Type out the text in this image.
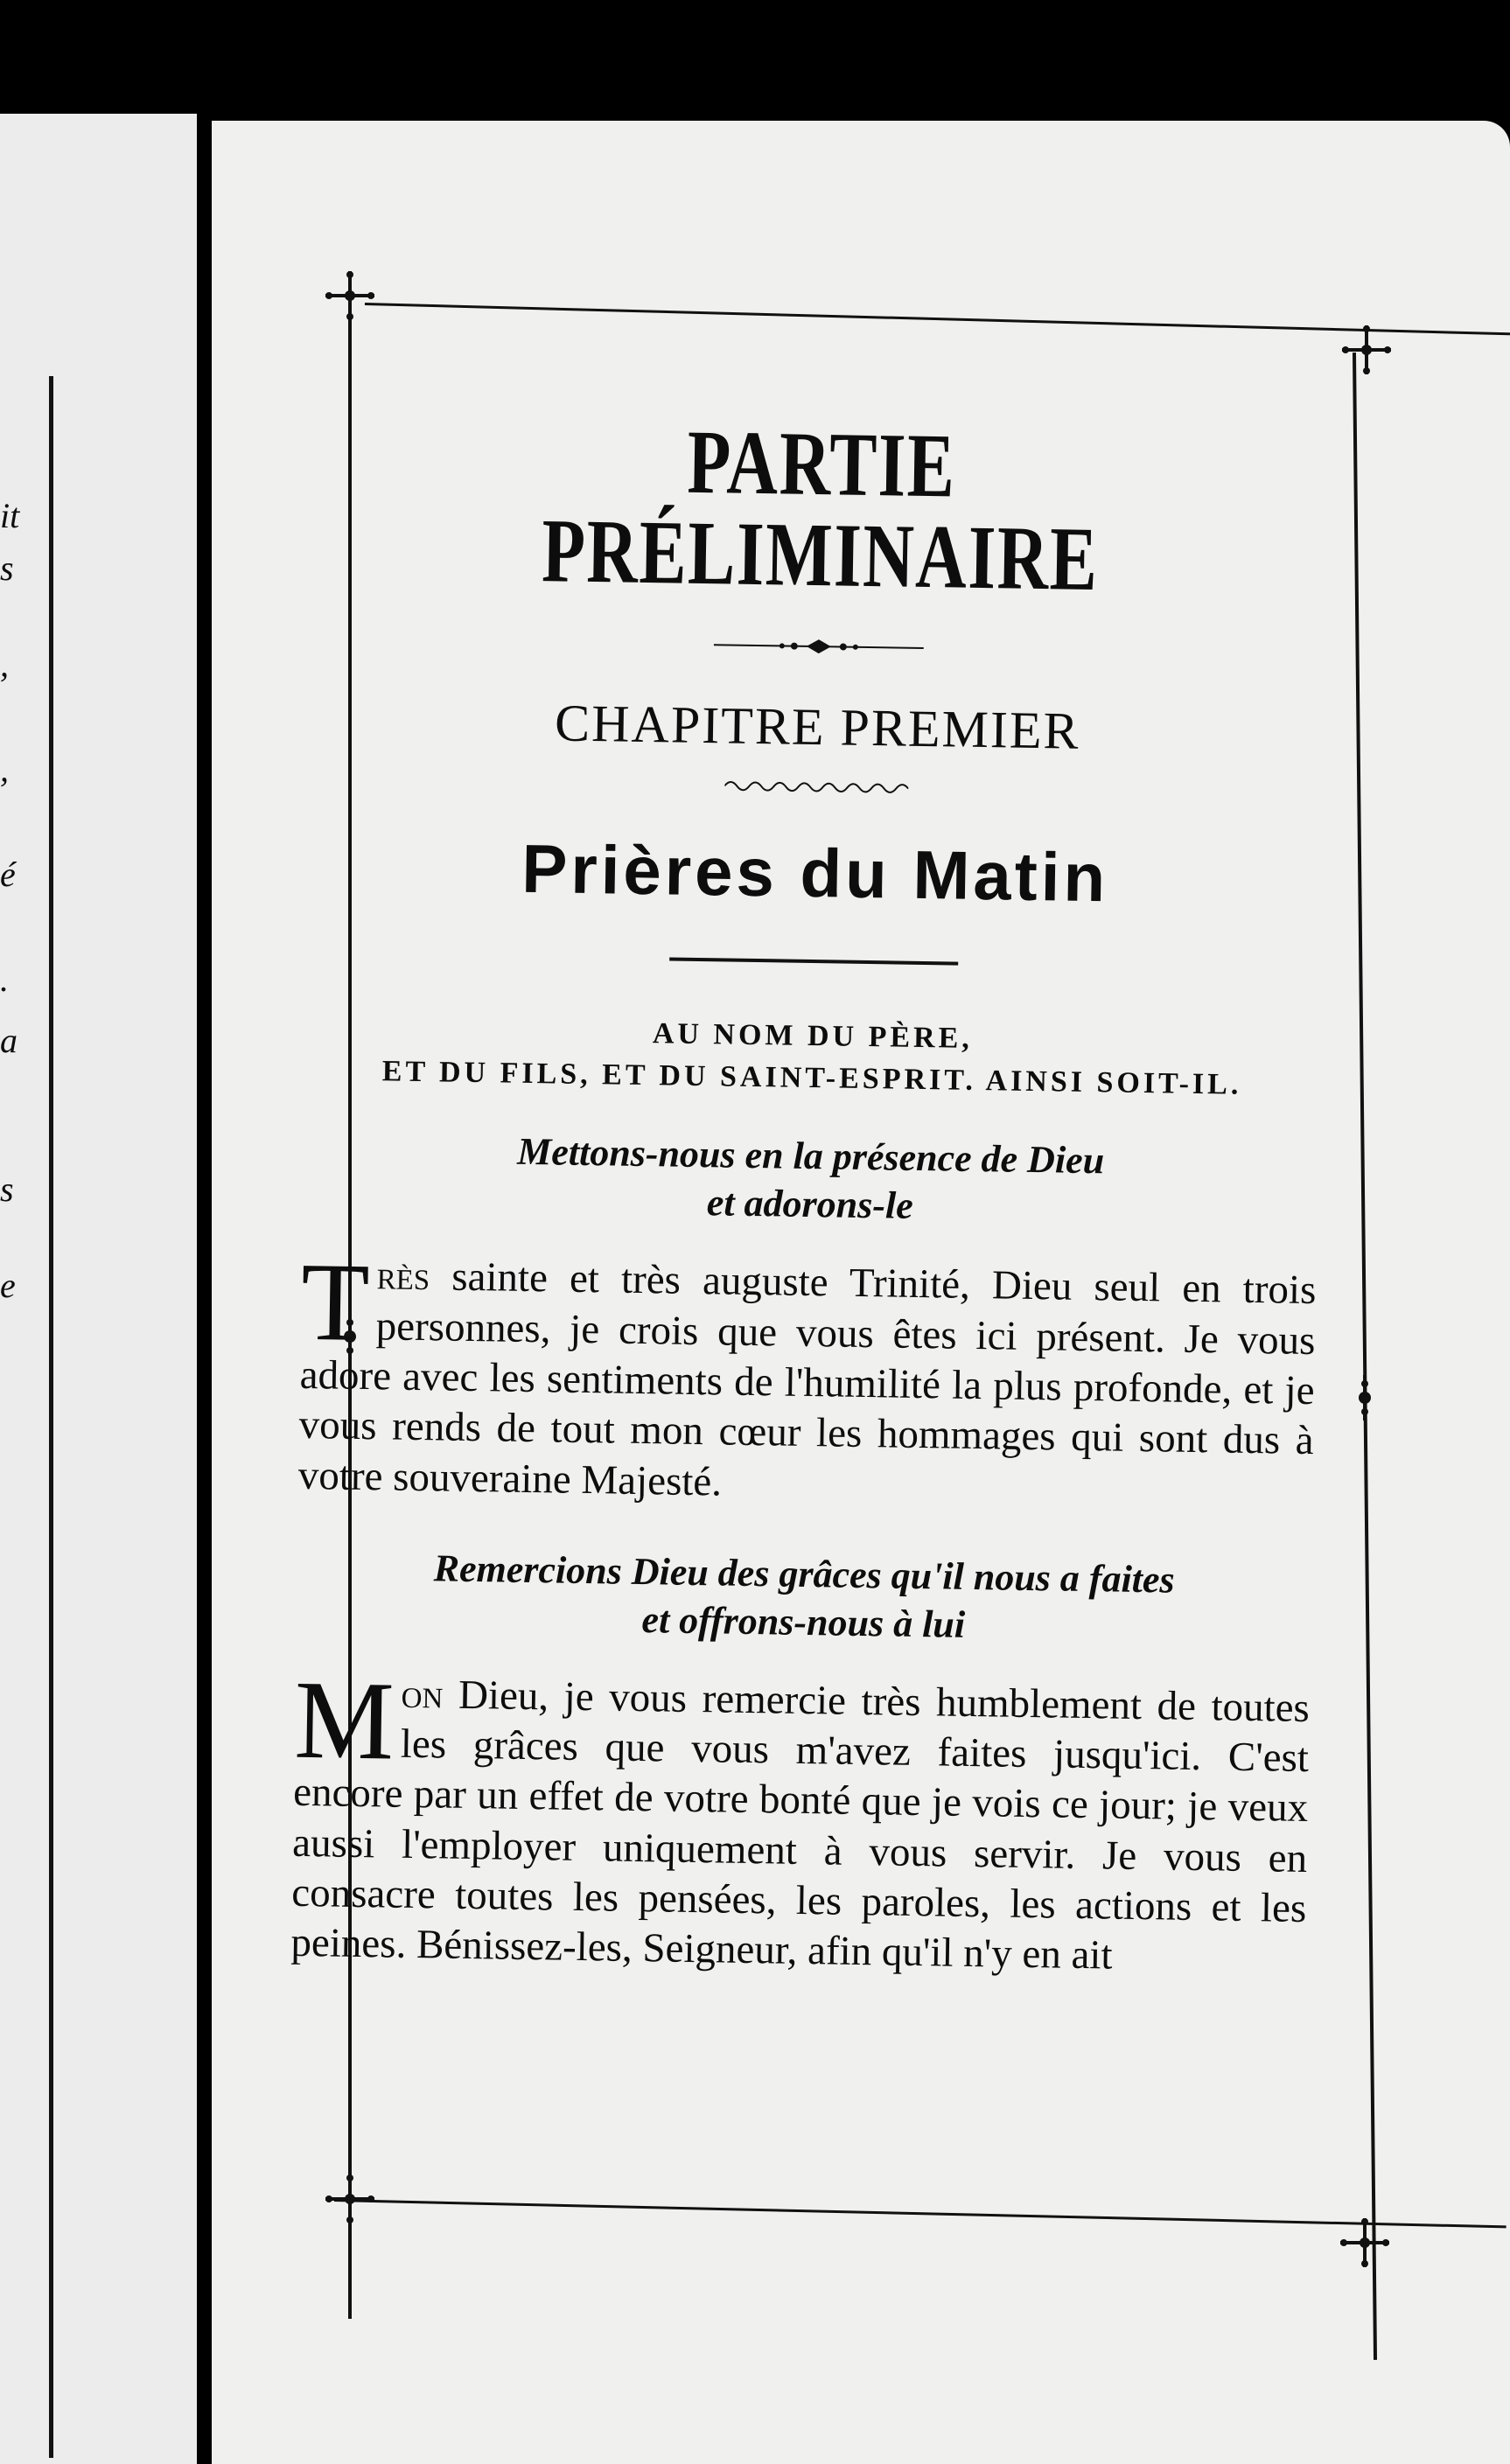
it
s
,
,
é
.
a
s
e
PARTIE PRÉLIMINAIRE
CHAPITRE PREMIER
Prières du Matin
AU NOM DU PÈRE,
ET DU FILS, ET DU SAINT-ESPRIT. AINSI SOIT-IL.
Mettons-nous en la présence de Dieu
et adorons-le

Très sainte et très auguste Trinité, Dieu seul en trois personnes, je crois que vous êtes ici présent. Je vous adore avec les sentiments de l'humilité la plus profonde, et je vous rends de tout mon cœur les hommages qui sont dus à votre souveraine Majesté.

Remercions Dieu des grâces qu'il nous a faites
et offrons-nous à lui

Mon Dieu, je vous remercie très humblement de toutes les grâces que vous m'avez faites jusqu'ici. C'est encore par un effet de votre bonté que je vois ce jour; je veux aussi l'employer uniquement à vous servir. Je vous en consacre toutes les pensées, les paroles, les actions et les peines. Bénissez-les, Seigneur, afin qu'il n'y en ait
